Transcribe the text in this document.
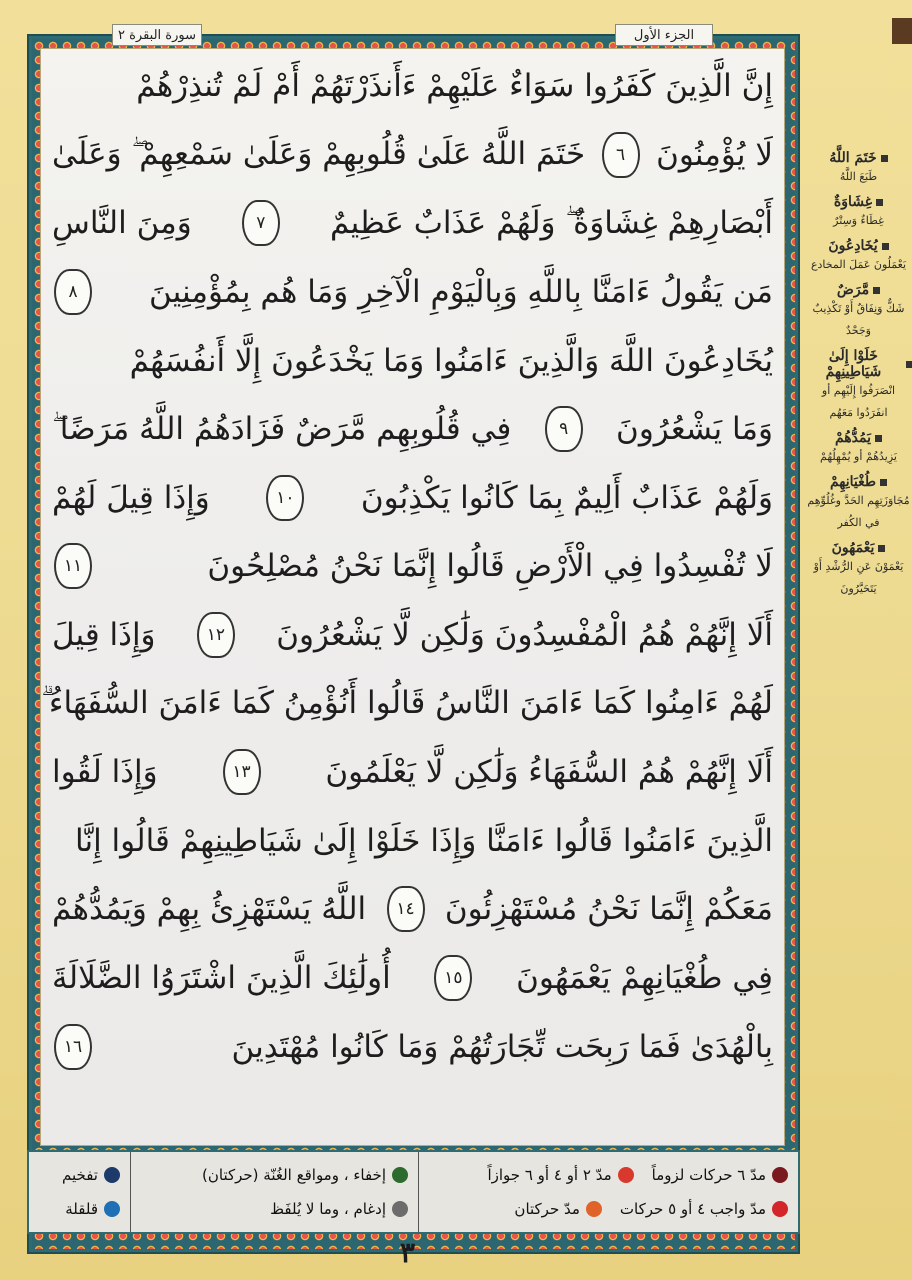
سورة البقرة ٢	الجزء الأول
إِنَّ الَّذِينَ كَفَرُوا سَوَاءٌ عَلَيْهِمْ ءَأَنذَرْتَهُمْ أَمْ لَمْ تُنذِرْهُمْ
لَا يُؤْمِنُونَ
٦
خَتَمَ اللَّهُ عَلَىٰ قُلُوبِهِمْ وَعَلَىٰ سَمْعِهِمْ ۖ وَعَلَىٰ
أَبْصَارِهِمْ غِشَاوَةٌ ۖ وَلَهُمْ عَذَابٌ عَظِيمٌ
٧
وَمِنَ النَّاسِ
مَن يَقُولُ ءَامَنَّا بِاللَّهِ وَبِالْيَوْمِ الْآخِرِ وَمَا هُم بِمُؤْمِنِينَ
٨
يُخَادِعُونَ اللَّهَ وَالَّذِينَ ءَامَنُوا وَمَا يَخْدَعُونَ إِلَّا أَنفُسَهُمْ
وَمَا يَشْعُرُونَ
٩
فِي قُلُوبِهِم مَّرَضٌ فَزَادَهُمُ اللَّهُ مَرَضًا ۖ
وَلَهُمْ عَذَابٌ أَلِيمٌ بِمَا كَانُوا يَكْذِبُونَ
١٠
وَإِذَا قِيلَ لَهُمْ
لَا تُفْسِدُوا فِي الْأَرْضِ قَالُوا إِنَّمَا نَحْنُ مُصْلِحُونَ
١١
أَلَا إِنَّهُمْ هُمُ الْمُفْسِدُونَ وَلَٰكِن لَّا يَشْعُرُونَ
١٢
وَإِذَا قِيلَ
لَهُمْ ءَامِنُوا كَمَا ءَامَنَ النَّاسُ قَالُوا أَنُؤْمِنُ كَمَا ءَامَنَ السُّفَهَاءُ ۗ
أَلَا إِنَّهُمْ هُمُ السُّفَهَاءُ وَلَٰكِن لَّا يَعْلَمُونَ
١٣
وَإِذَا لَقُوا
الَّذِينَ ءَامَنُوا قَالُوا ءَامَنَّا وَإِذَا خَلَوْا إِلَىٰ شَيَاطِينِهِمْ قَالُوا إِنَّا
مَعَكُمْ إِنَّمَا نَحْنُ مُسْتَهْزِئُونَ
١٤
اللَّهُ يَسْتَهْزِئُ بِهِمْ وَيَمُدُّهُمْ
فِي طُغْيَانِهِمْ يَعْمَهُونَ
١٥
أُولَٰئِكَ الَّذِينَ اشْتَرَوُا الضَّلَالَةَ
بِالْهُدَىٰ فَمَا رَبِحَت تِّجَارَتُهُمْ وَمَا كَانُوا مُهْتَدِينَ
١٦
خَتَمَ اللَّهُ
طَبَعَ اللَّهُ
غِشَاوَةٌ
غِطَاءٌ وَسِتْرٌ
يُخَادِعُونَ
يَعْمَلُونَ عَمَلَ المخادع
مَّرَضٌ
شَكٌّ وَنِفَاقٌ أَوْ تَكْذِيبٌ وَجَحْدٌ
خَلَوْا إِلَىٰ شَيَاطِينِهِمْ
انْصَرَفُوا إِلَيْهِم أو انفَرَدُوا مَعَهُم
يَمُدُّهُمْ
يَزِيدُهُمْ أو يُمْهِلُهُمْ
طُغْيَانِهِمْ
مُجَاوَزَتِهِم الحَدَّ وغُلُوِّهِم في الكُفر
يَعْمَهُونَ
يَعْمَوْنَ عَنِ الرُّشْدِ أَوْ يَتَحَيَّرُونَ
مدّ ٦ حركات لزوماً
مدّ ٢ أو ٤ أو ٦ جوازاً
مدّ واجب ٤ أو ٥ حركات
مدّ حركتان
إخفاء ، ومواقع الغُنّة (حركتان)
إدغام ، وما لا يُلفَظ
تفخيم
قلقلة
٣
